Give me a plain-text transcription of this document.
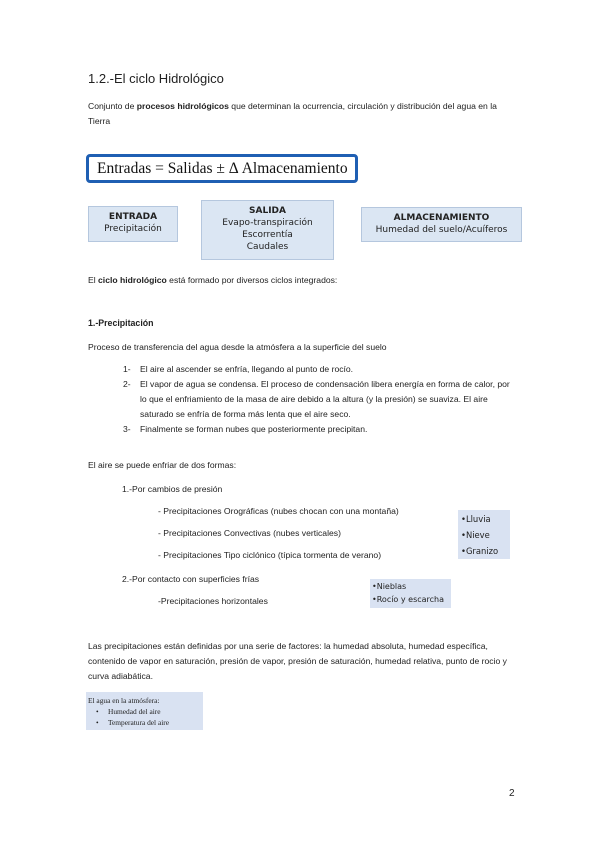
1.2.-El ciclo Hidrológico
Conjunto de procesos hidrológicos que determinan la ocurrencia, circulación y distribución del agua en la Tierra
Entradas = Salidas ± Δ Almacenamiento
ENTRADA
Precipitación
SALIDA
Evapo-transpiración
Escorrentía
Caudales
ALMACENAMIENTO
Humedad del suelo/Acuíferos
El ciclo hidrológico está formado por diversos ciclos integrados:
1.-Precipitación
Proceso de transferencia del agua desde la atmósfera a la superficie del suelo
1-	El aire al ascender se enfría, llegando al punto de rocío.
2-	El vapor de agua se condensa. El proceso de condensación libera energía en forma de calor, por lo que el enfriamiento de la masa de aire debido a la altura (y la presión) se suaviza. El aire saturado se enfría de forma más lenta que el aire seco.
3-	Finalmente se forman nubes que posteriormente precipitan.
El aire se puede enfriar de dos formas:
1.-Por cambios de presión
- Precipitaciones Orográficas (nubes chocan con una montaña)
- Precipitaciones Convectivas (nubes verticales)
- Precipitaciones Tipo ciclónico (típica tormenta de verano)
•Lluvia
•Nieve
•Granizo
2.-Por contacto con superficies frías
-Precipitaciones horizontales
•Nieblas
•Rocío y escarcha
Las precipitaciones están definidas por una serie de factores: la humedad absoluta, humedad específica, contenido de vapor en saturación, presión de vapor, presión de saturación, humedad relativa, punto de rocio y curva adiabática.
El agua en la atmósfera:
•	Humedad del aire
•	Temperatura del aire
2
